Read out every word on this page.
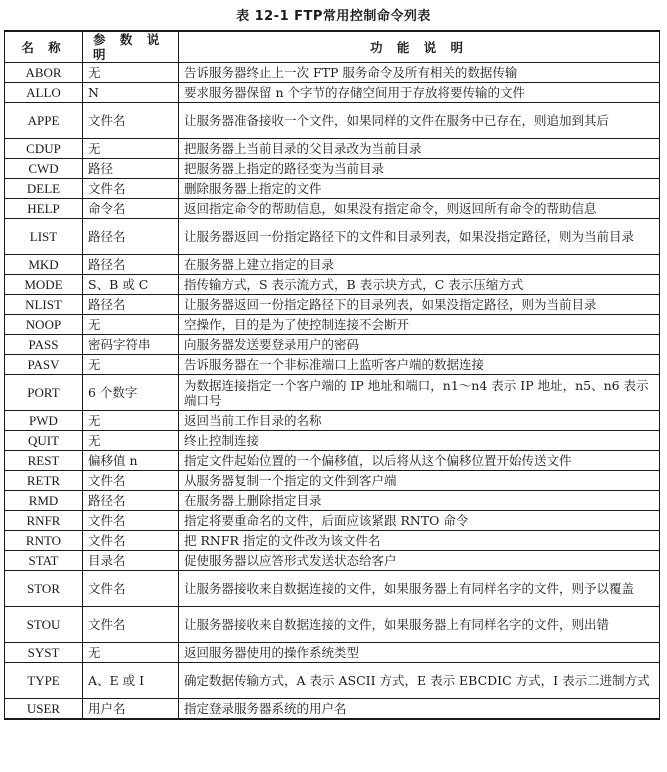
表 12-1 FTP常用控制命令列表
名 称	参 数 说 明	功 能 说 明
ABOR	无	告诉服务器终止上一次 FTP 服务命令及所有相关的数据传输
ALLO	N	要求服务器保留 n 个字节的存储空间用于存放将要传输的文件
APPE	文件名	让服务器准备接收一个文件，如果同样的文件在服务中已存在，则追加到其后
CDUP	无	把服务器上当前目录的父目录改为当前目录
CWD	路径	把服务器上指定的路径变为当前目录
DELE	文件名	删除服务器上指定的文件
HELP	命令名	返回指定命令的帮助信息，如果没有指定命令，则返回所有命令的帮助信息
LIST	路径名	让服务器返回一份指定路径下的文件和目录列表，如果没指定路径，则为当前目录
MKD	路径名	在服务器上建立指定的目录
MODE	S、B 或 C	指传输方式，S 表示流方式，B 表示块方式，C 表示压缩方式
NLIST	路径名	让服务器返回一份指定路径下的目录列表，如果没指定路径，则为当前目录
NOOP	无	空操作，目的是为了使控制连接不会断开
PASS	密码字符串	向服务器发送要登录用户的密码
PASV	无	告诉服务器在一个非标准端口上监听客户端的数据连接
PORT	6 个数字	为数据连接指定一个客户端的 IP 地址和端口，n1～n4 表示 IP 地址，n5、n6 表示端口号
PWD	无	返回当前工作目录的名称
QUIT	无	终止控制连接
REST	偏移值 n	指定文件起始位置的一个偏移值，以后将从这个偏移位置开始传送文件
RETR	文件名	从服务器复制一个指定的文件到客户端
RMD	路径名	在服务器上删除指定目录
RNFR	文件名	指定将要重命名的文件，后面应该紧跟 RNTO 命令
RNTO	文件名	把 RNFR 指定的文件改为该文件名
STAT	目录名	促使服务器以应答形式发送状态给客户
STOR	文件名	让服务器接收来自数据连接的文件，如果服务器上有同样名字的文件，则予以覆盖
STOU	文件名	让服务器接收来自数据连接的文件，如果服务器上有同样名字的文件，则出错
SYST	无	返回服务器使用的操作系统类型
TYPE	A、E 或 I	确定数据传输方式，A 表示 ASCII 方式，E 表示 EBCDIC 方式，I 表示二进制方式
USER	用户名	指定登录服务器系统的用户名
